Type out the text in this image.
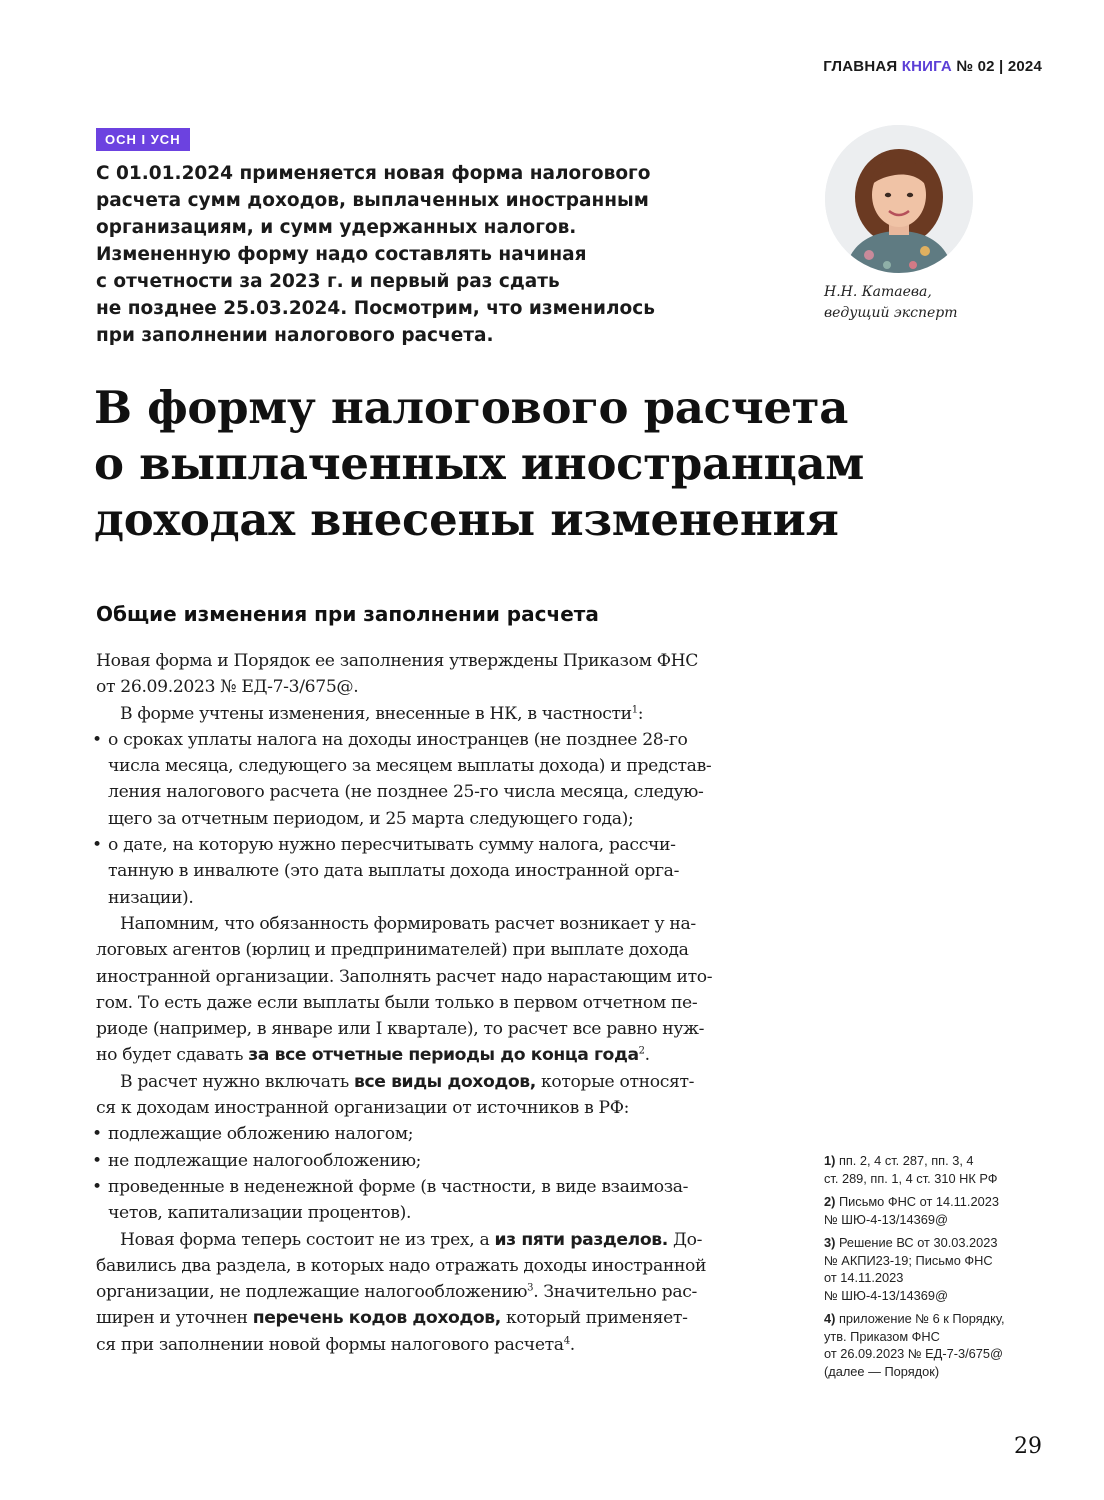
ГЛАВНАЯ КНИГА № 02 | 2024
ОСН I УСН
С 01.01.2024 применяется новая форма налогового
расчета сумм доходов, выплаченных иностранным
организациям, и сумм удержанных налогов.
Измененную форму надо составлять начиная
с отчетности за 2023 г. и первый раз сдать
не позднее 25.03.2024. Посмотрим, что изменилось
при заполнении налогового расчета.
Н.Н. Катаева,
ведущий эксперт
В форму налогового расчета
о выплаченных иностранцам
доходах внесены изменения
Общие изменения при заполнении расчета
Новая форма и Порядок ее заполнения утверждены Приказом ФНС
от 26.09.2023 № ЕД-7-3/675@.
В форме учтены изменения, внесенные в НК, в частности$^1$:
• о сроках уплаты налога на доходы иностранцев (не позднее 28-го
числа месяца, следующего за месяцем выплаты дохода) и представ-
ления налогового расчета (не позднее 25-го числа месяца, следую-
щего за отчетным периодом, и 25 марта следующего года);
• о дате, на которую нужно пересчитывать сумму налога, рассчи-
танную в инвалюте (это дата выплаты дохода иностранной орга-
низации).
Напомним, что обязанность формировать расчет возникает у на-
логовых агентов (юрлиц и предпринимателей) при выплате дохода
иностранной организации. Заполнять расчет надо нарастающим ито-
гом. То есть даже если выплаты были только в первом отчетном пе-
риоде (например, в январе или I квартале), то расчет все равно нуж-
но будет сдавать за все отчетные периоды до конца года$^2$.
В расчет нужно включать все виды доходов, которые относят-
ся к доходам иностранной организации от источников в РФ:
• подлежащие обложению налогом;
• не подлежащие налогообложению;
• проведенные в неденежной форме (в частности, в виде взаимоза-
четов, капитализации процентов).
Новая форма теперь состоит не из трех, а из пяти разделов. До-
бавились два раздела, в которых надо отражать доходы иностранной
организации, не подлежащие налогообложению$^3$. Значительно рас-
ширен и уточнен перечень кодов доходов, который применяет-
ся при заполнении новой формы налогового расчета$^4$.
1) пп. 2, 4 ст. 287, пп. 3, 4
ст. 289, пп. 1, 4 ст. 310 НК РФ
2) Письмо ФНС от 14.11.2023
№ ШЮ-4-13/14369@
3) Решение ВС от 30.03.2023
№ АКПИ23-19; Письмо ФНС
от 14.11.2023
№ ШЮ-4-13/14369@
4) приложение № 6 к Порядку,
утв. Приказом ФНС
от 26.09.2023 № ЕД-7-3/675@
(далее — Порядок)
29
